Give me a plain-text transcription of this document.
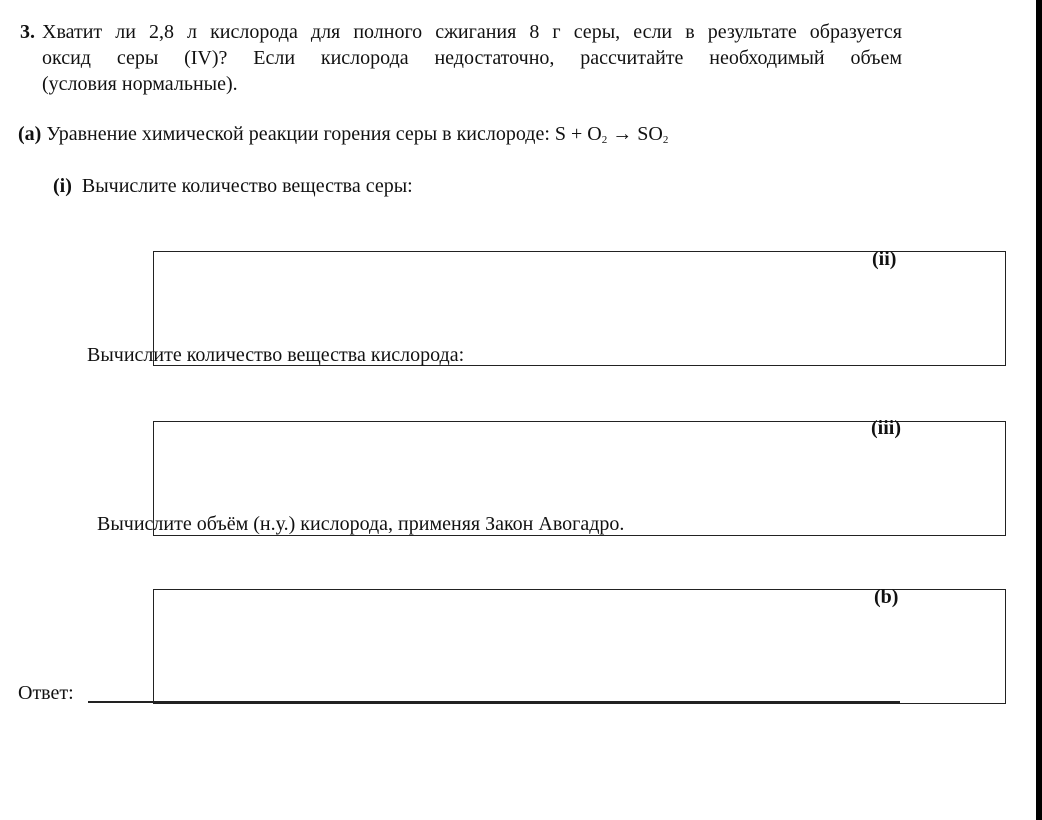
3. Хватит ли 2,8 л кислорода для полного сжигания 8 г серы, если в результате образуется
оксид серы (IV)? Если кислорода недостаточно, рассчитайте необходимый объем
(условия нормальные).
(a) Уравнение химической реакции горения серы в кислороде: $S + O_2 \to SO_2$
(i) Вычислите количество вещества серы:
(ii)
Вычислите количество вещества кислорода:
(iii)
Вычислите объём (н.у.) кислорода, применяя Закон Авогадро.
(b)
Ответ:
